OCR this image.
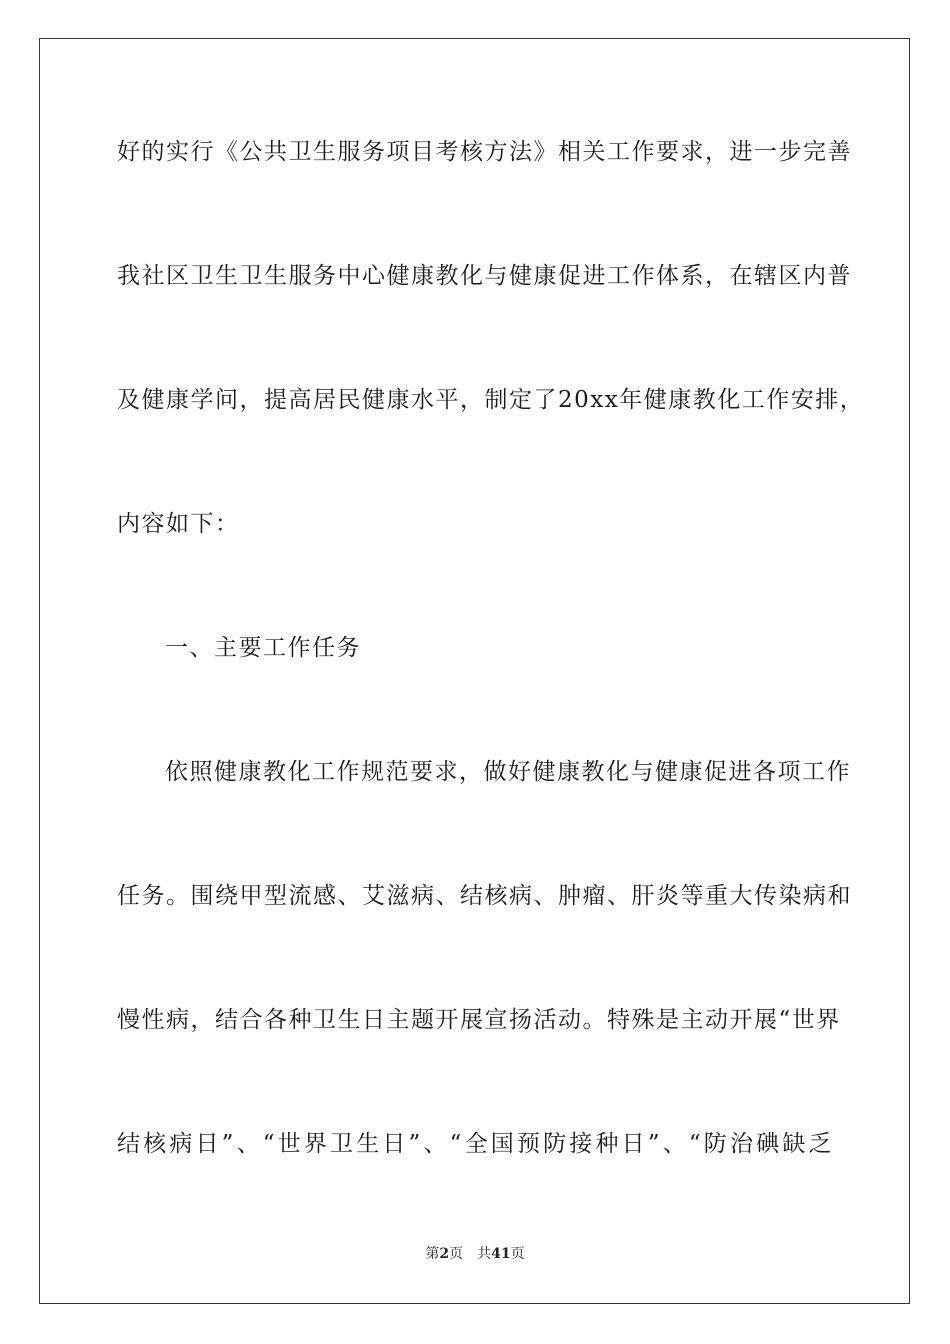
好的实行《公共卫生服务项目考核方法》相关工作要求，进一步完善
我社区卫生卫生服务中心健康教化与健康促进工作体系，在辖区内普
及健康学问，提高居民健康水平，制定了20xx年健康教化工作安排，
内容如下：
一、主要工作任务
依照健康教化工作规范要求，做好健康教化与健康促进各项工作
任务。围绕甲型流感、艾滋病、结核病、肿瘤、肝炎等重大传染病和
慢性病，结合各种卫生日主题开展宣扬活动。特殊是主动开展“世界
结核病日”、“世界卫生日”、“全国预防接种日”、“防治碘缺乏
第2页 共41页
